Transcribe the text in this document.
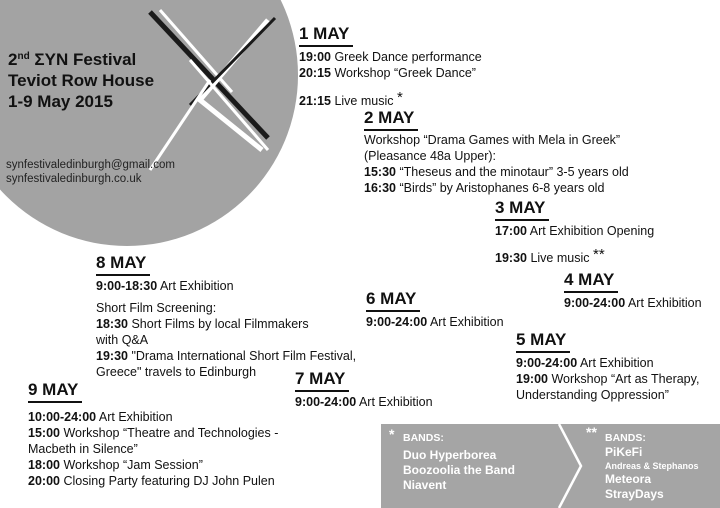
2nd ΣΥΝ Festival
Teviot Row House
1-9 May 2015
synfestivaledinburgh@gmail.com
synfestivaledinburgh.co.uk
1 MAY
19:00 Greek Dance performance
20:15 Workshop “Greek Dance”
21:15 Live music *
2 MAY
Workshop “Drama Games with Mela in Greek”
(Pleasance 48a Upper):
15:30 “Theseus and the minotaur” 3-5 years old
16:30 “Birds” by Aristophanes 6-8 years old
3 MAY
17:00 Art Exhibition Opening
19:30 Live music **
4 MAY
9:00-24:00 Art Exhibition
6 MAY
9:00-24:00 Art Exhibition
5 MAY
9:00-24:00 Art Exhibition
19:00 Workshop “Art as Therapy,
Understanding Oppression”
8 MAY
9:00-18:30 Art Exhibition
Short Film Screening:
18:30 Short Films by local Filmmakers
with Q&A
19:30 "Drama International Short Film Festival,
Greece" travels to Edinburgh	7 MAY
9:00-24:00 Art Exhibition
9 MAY
10:00-24:00 Art Exhibition
15:00 Workshop “Theatre and Technologies -
Macbeth in Silence”
18:00 Workshop “Jam Session”
20:00 Closing Party featuring DJ John Pulen
* BANDS:
Duo Hyperborea
Boozoolia the Band
Niavent
** BANDS:
PiKeFi
Andreas & Stephanos
Meteora
StrayDays
